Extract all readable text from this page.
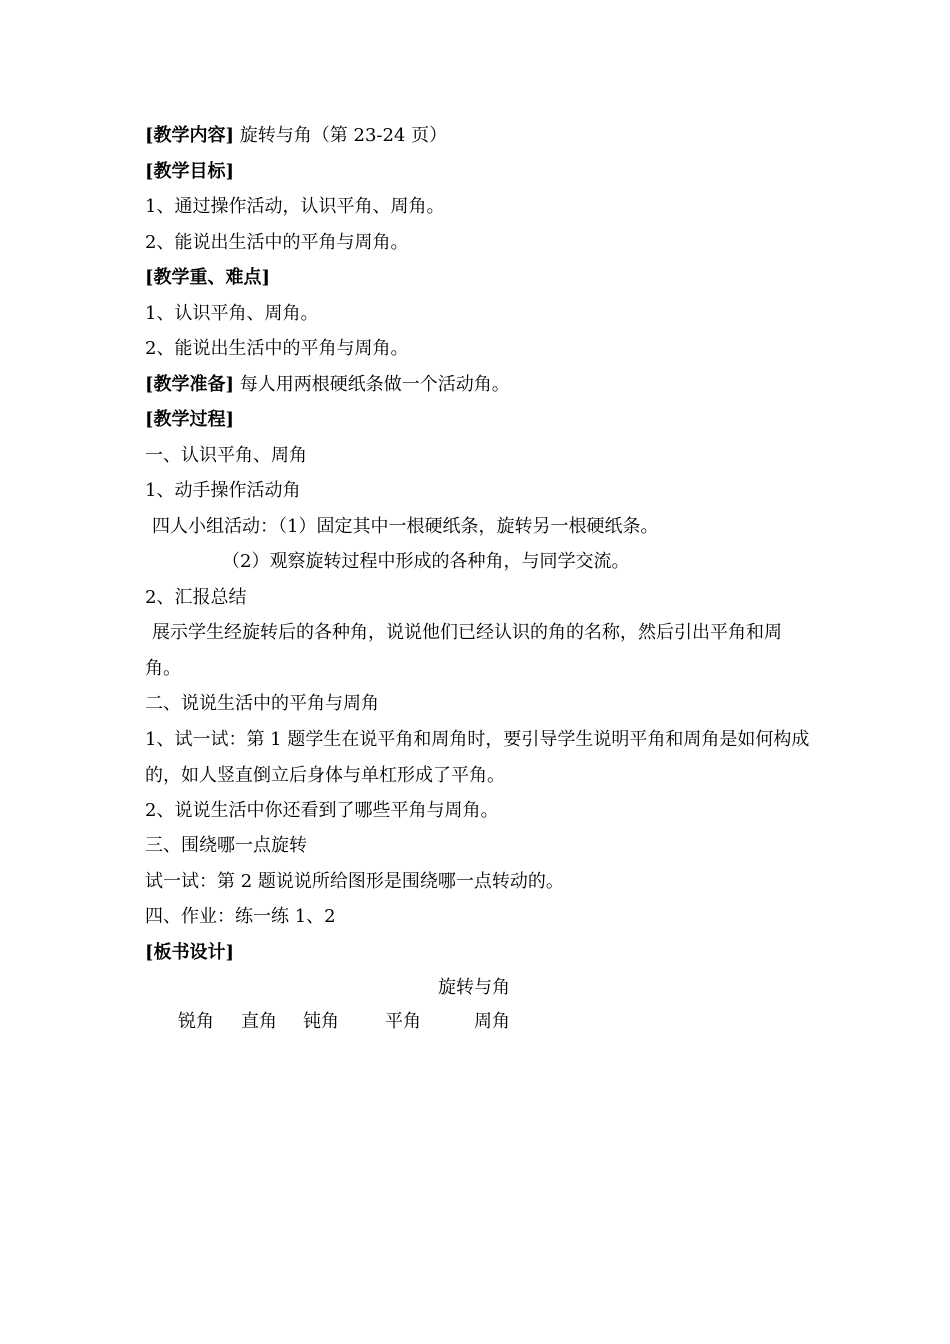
[教学内容] 旋转与角（第 23-24 页）
[教学目标]
1、通过操作活动，认识平角、周角。
2、能说出生活中的平角与周角。
[教学重、难点]
1、认识平角、周角。
2、能说出生活中的平角与周角。
[教学准备] 每人用两根硬纸条做一个活动角。
[教学过程]
一、认识平角、周角
1、动手操作活动角
四人小组活动：（1）固定其中一根硬纸条，旋转另一根硬纸条。
（2）观察旋转过程中形成的各种角，与同学交流。
2、汇报总结
展示学生经旋转后的各种角，说说他们已经认识的角的名称，然后引出平角和周角。
二、说说生活中的平角与周角
1、试一试：第 1 题学生在说平角和周角时，要引导学生说明平角和周角是如何构成的，如人竖直倒立后身体与单杠形成了平角。
2、说说生活中你还看到了哪些平角与周角。
三、围绕哪一点旋转
试一试：第 2 题说说所给图形是围绕哪一点转动的。
四、作业：练一练 1、2
[板书设计]
旋转与角
锐角 直角 钝角	平角	周角
